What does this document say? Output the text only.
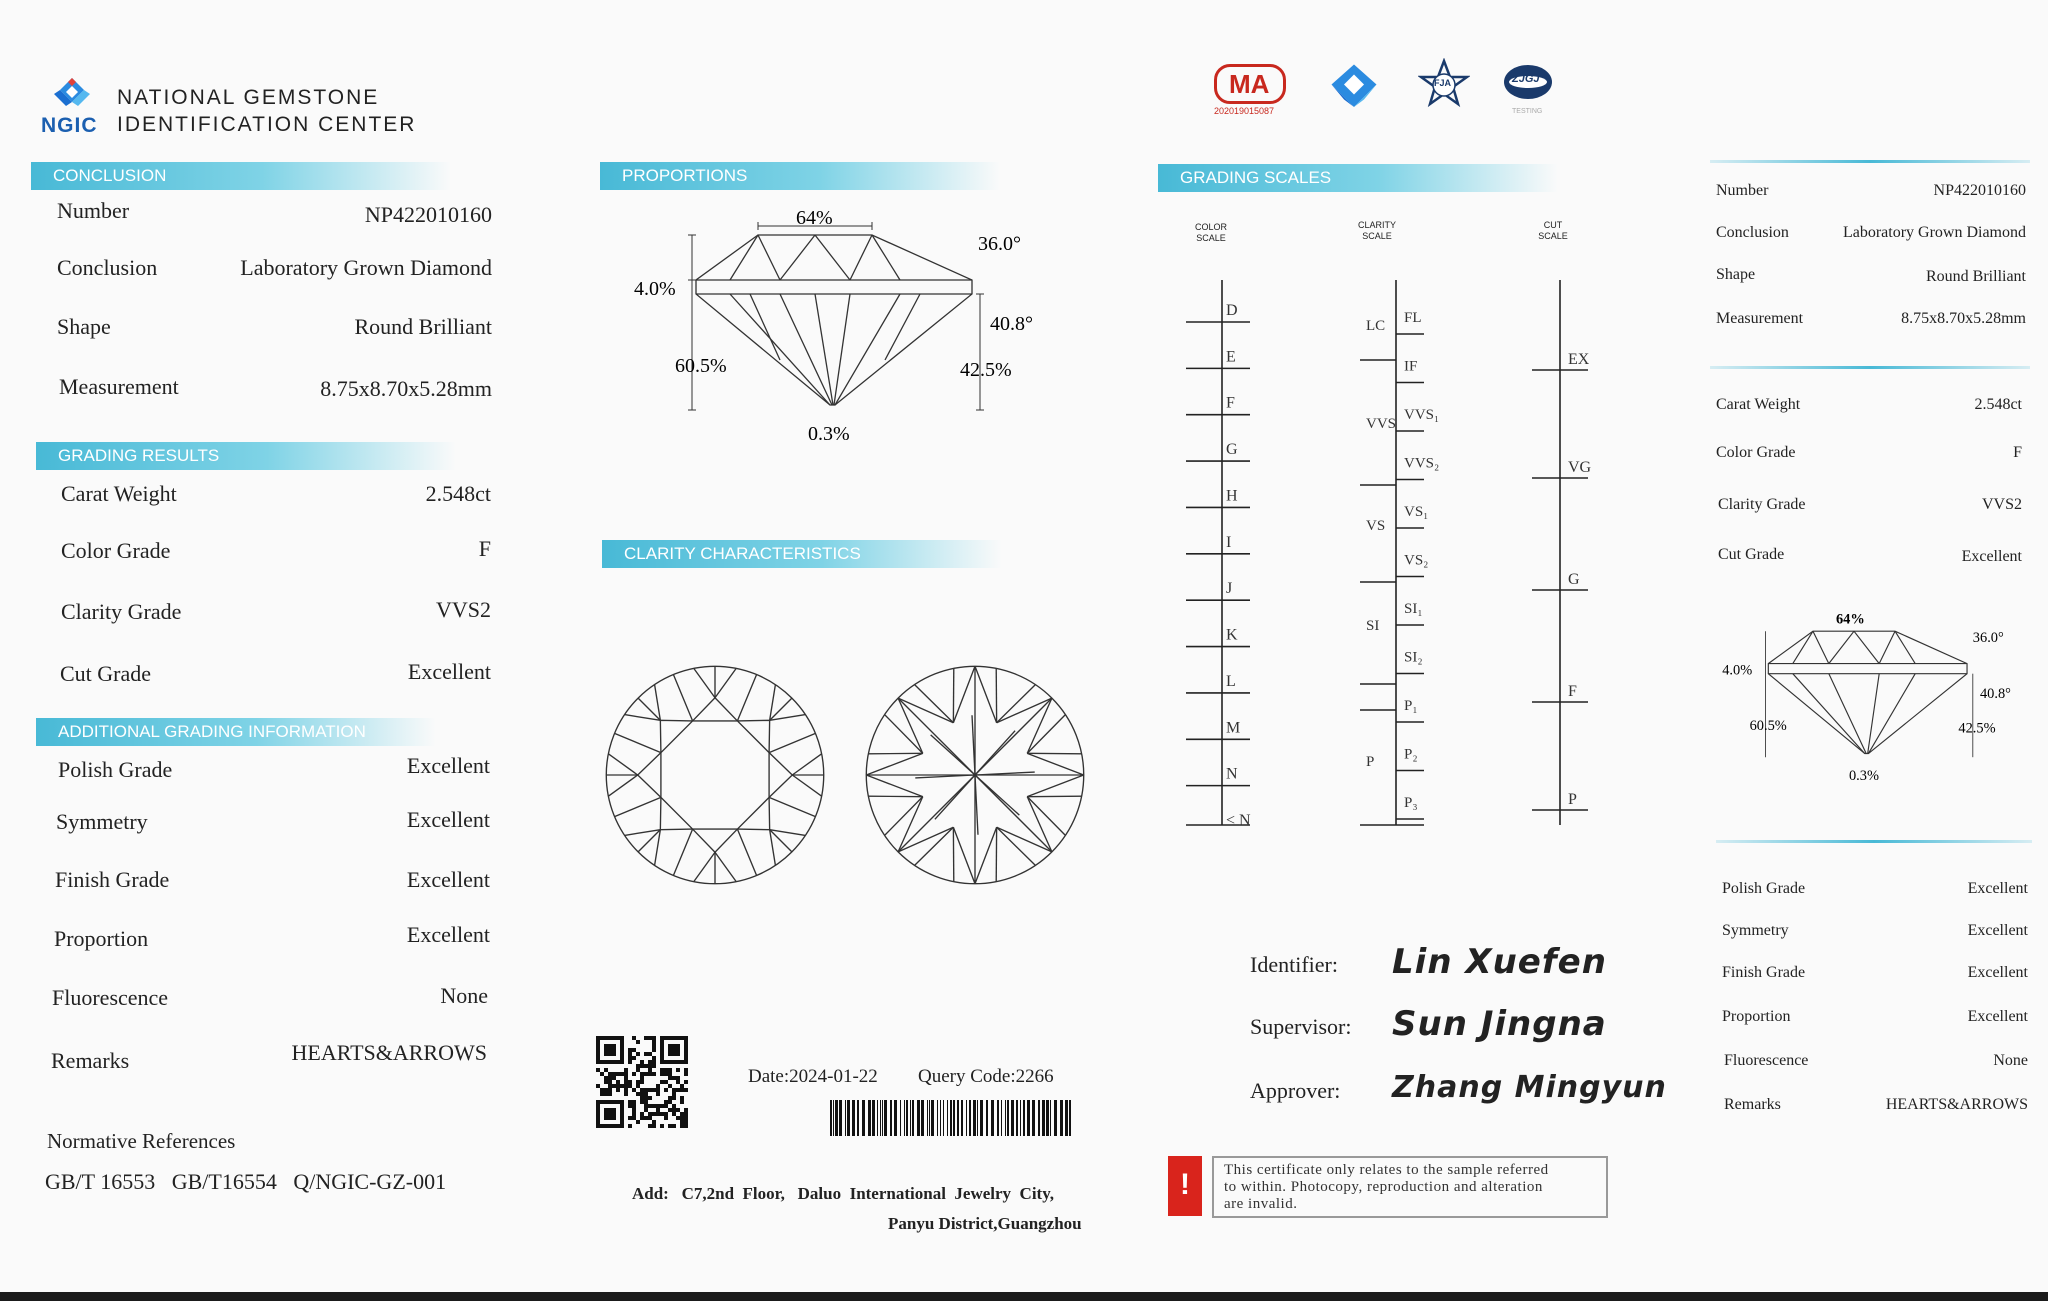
NGIC
NATIONAL GEMSTONE
IDENTIFICATION CENTER
CONCLUSION
Number	NP422010160
Conclusion	Laboratory Grown Diamond
Shape	Round Brilliant
Measurement	8.75x8.70x5.28mm
GRADING RESULTS
Carat Weight	2.548ct
Color Grade	F
Clarity Grade	VVS2
Cut Grade	Excellent
ADDITIONAL GRADING INFORMATION
Polish Grade	Excellent
Symmetry	Excellent
Finish Grade	Excellent
Proportion	Excellent
Fluorescence	None
Remarks	HEARTS&ARROWS
Normative References
GB/T 16553   GB/T16554   Q/NGIC-GZ-001
PROPORTIONS
64%
36.0°
4.0%
40.8°
60.5%	42.5%
0.3%
CLARITY CHARACTERISTICS
Date:2024-01-22 Query Code:2266
Add:   C7,2nd  Floor,   Daluo  International  Jewelry  City,
Panyu District,Guangzhou
MA
202019015087
FJA	ZJGJ
TESTING
GRADING SCALES
COLOR
SCALE
CLARITY
SCALE
CUT
SCALE
D
E
F
G
H
I
J
K
L
M
N
< N
FL
IF
VVS₁
VVS₂
VS₁
VS₂
SI₁
SI₂
P₁
P₂
P₃
LC
VVS
VS
SI
P
EX
VG
G
F
P
Identifier: Lin Xuefen
Supervisor: Sun Jingna
Approver: Zhang Mingyun
!	This certificate only relates to the sample referred
to within. Photocopy, reproduction and alteration
are invalid.
Number	NP422010160
Conclusion	Laboratory Grown Diamond
Shape	Round Brilliant
Measurement	8.75x8.70x5.28mm
Carat Weight	2.548ct
Color Grade	F
Clarity Grade	VVS2
Cut Grade	Excellent
64%
36.0°
4.0%
40.8°
60.5%	42.5%
0.3%
Polish Grade	Excellent
Symmetry	Excellent
Finish Grade	Excellent
Proportion	Excellent
Fluorescence	None
Remarks	HEARTS&ARROWS
